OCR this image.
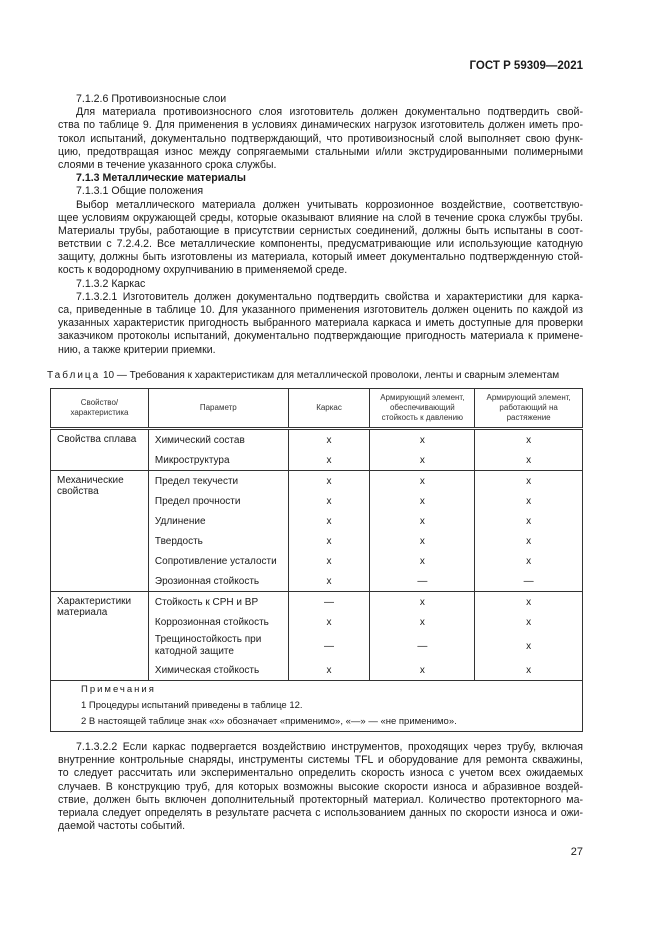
ГОСТ Р 59309—2021
7.1.2.6 Противоизносные слои
Для материала противоизносного слоя изготовитель должен документально подтвердить свой-
ства по таблице 9. Для применения в условиях динамических нагрузок изготовитель должен иметь про-
токол испытаний, документально подтверждающий, что противоизносный слой выполняет свою функ-
цию, предотвращая износ между сопрягаемыми стальными и/или экструдированными полимерными
слоями в течение указанного срока службы.
7.1.3 Металлические материалы
7.1.3.1 Общие положения
Выбор металлического материала должен учитывать коррозионное воздействие, соответствую-
щее условиям окружающей среды, которые оказывают влияние на слой в течение срока службы трубы.
Материалы трубы, работающие в присутствии сернистых соединений, должны быть испытаны в соот-
ветствии с 7.2.4.2. Все металлические компоненты, предусматривающие или использующие катодную
защиту, должны быть изготовлены из материала, который имеет документально подтвержденную стой-
кость к водородному охрупчиванию в применяемой среде.
7.1.3.2 Каркас
7.1.3.2.1 Изготовитель должен документально подтвердить свойства и характеристики для карка-
са, приведенные в таблице 10. Для указанного применения изготовитель должен оценить по каждой из
указанных характеристик пригодность выбранного материала каркаса и иметь доступные для проверки
заказчиком протоколы испытаний, документально подтверждающие пригодность материала к примене-
нию, а также критерии приемки.
Таблица 10 — Требования к характеристикам для металлической проволоки, ленты и сварным элементам
Свойство/ характеристика	Параметр	Каркас	Армирующий элемент, обеспечивающий стойкость к давлению	Армирующий элемент, работающий на растяжение
Свойства сплава	Химический состав	x	x	x
	Микроструктура	x	x	x
Механические свойства	Предел текучести	x	x	x
	Предел прочности	x	x	x
	Удлинение	x	x	x
	Твердость	x	x	x
	Сопротивление усталости	x	x	x
	Эрозионная стойкость	x	—	—
Характеристики материала	Стойкость к СРН и ВР	—	x	x
	Коррозионная стойкость	x	x	x
	Трещиностойкость при катодной защите	—	—	x
	Химическая стойкость	x	x	x

Примечания
1 Процедуры испытаний приведены в таблице 12.
2 В настоящей таблице знак «x» обозначает «применимо», «—» — «не применимо».				
7.1.3.2.2 Если каркас подвергается воздействию инструментов, проходящих через трубу, включая
внутренние контрольные снаряды, инструменты системы TFL и оборудование для ремонта скважины,
то следует рассчитать или экспериментально определить скорость износа с учетом всех ожидаемых
случаев. В конструкцию труб, для которых возможны высокие скорости износа и абразивное воздей-
ствие, должен быть включен дополнительный протекторный материал. Количество протекторного ма-
териала следует определять в результате расчета с использованием данных по скорости износа и ожи-
даемой частоты событий.
27
